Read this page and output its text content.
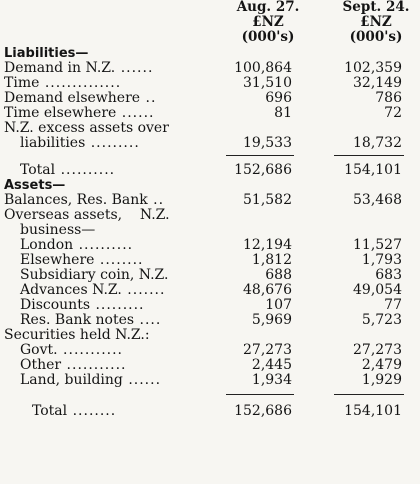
Aug. 27.
£NZ
(000's)
Sept. 24.
£NZ
(000's)
Liabilities—
Demand in N.Z. ......	100,864	102,359
Time ..............	31,510	32,149
Demand elsewhere ..	696	786
Time elsewhere ......	81	72
N.Z. excess assets over
liabilities .........	19,533	18,732
Total ..........	152,686	154,101
Assets—
Balances, Res. Bank ..	51,582	53,468
Overseas assets,    N.Z.
business—
London ..........	12,194	11,527
Elsewhere ........	1,812	1,793
Subsidiary coin, N.Z.	688	683
Advances N.Z. .......	48,676	49,054
Discounts .........	107	77
Res. Bank notes ....	5,969	5,723
Securities held N.Z.:
Govt. ...........	27,273	27,273
Other ...........	2,445	2,479
Land, building ......	1,934	1,929
Total ........	152,686	154,101
